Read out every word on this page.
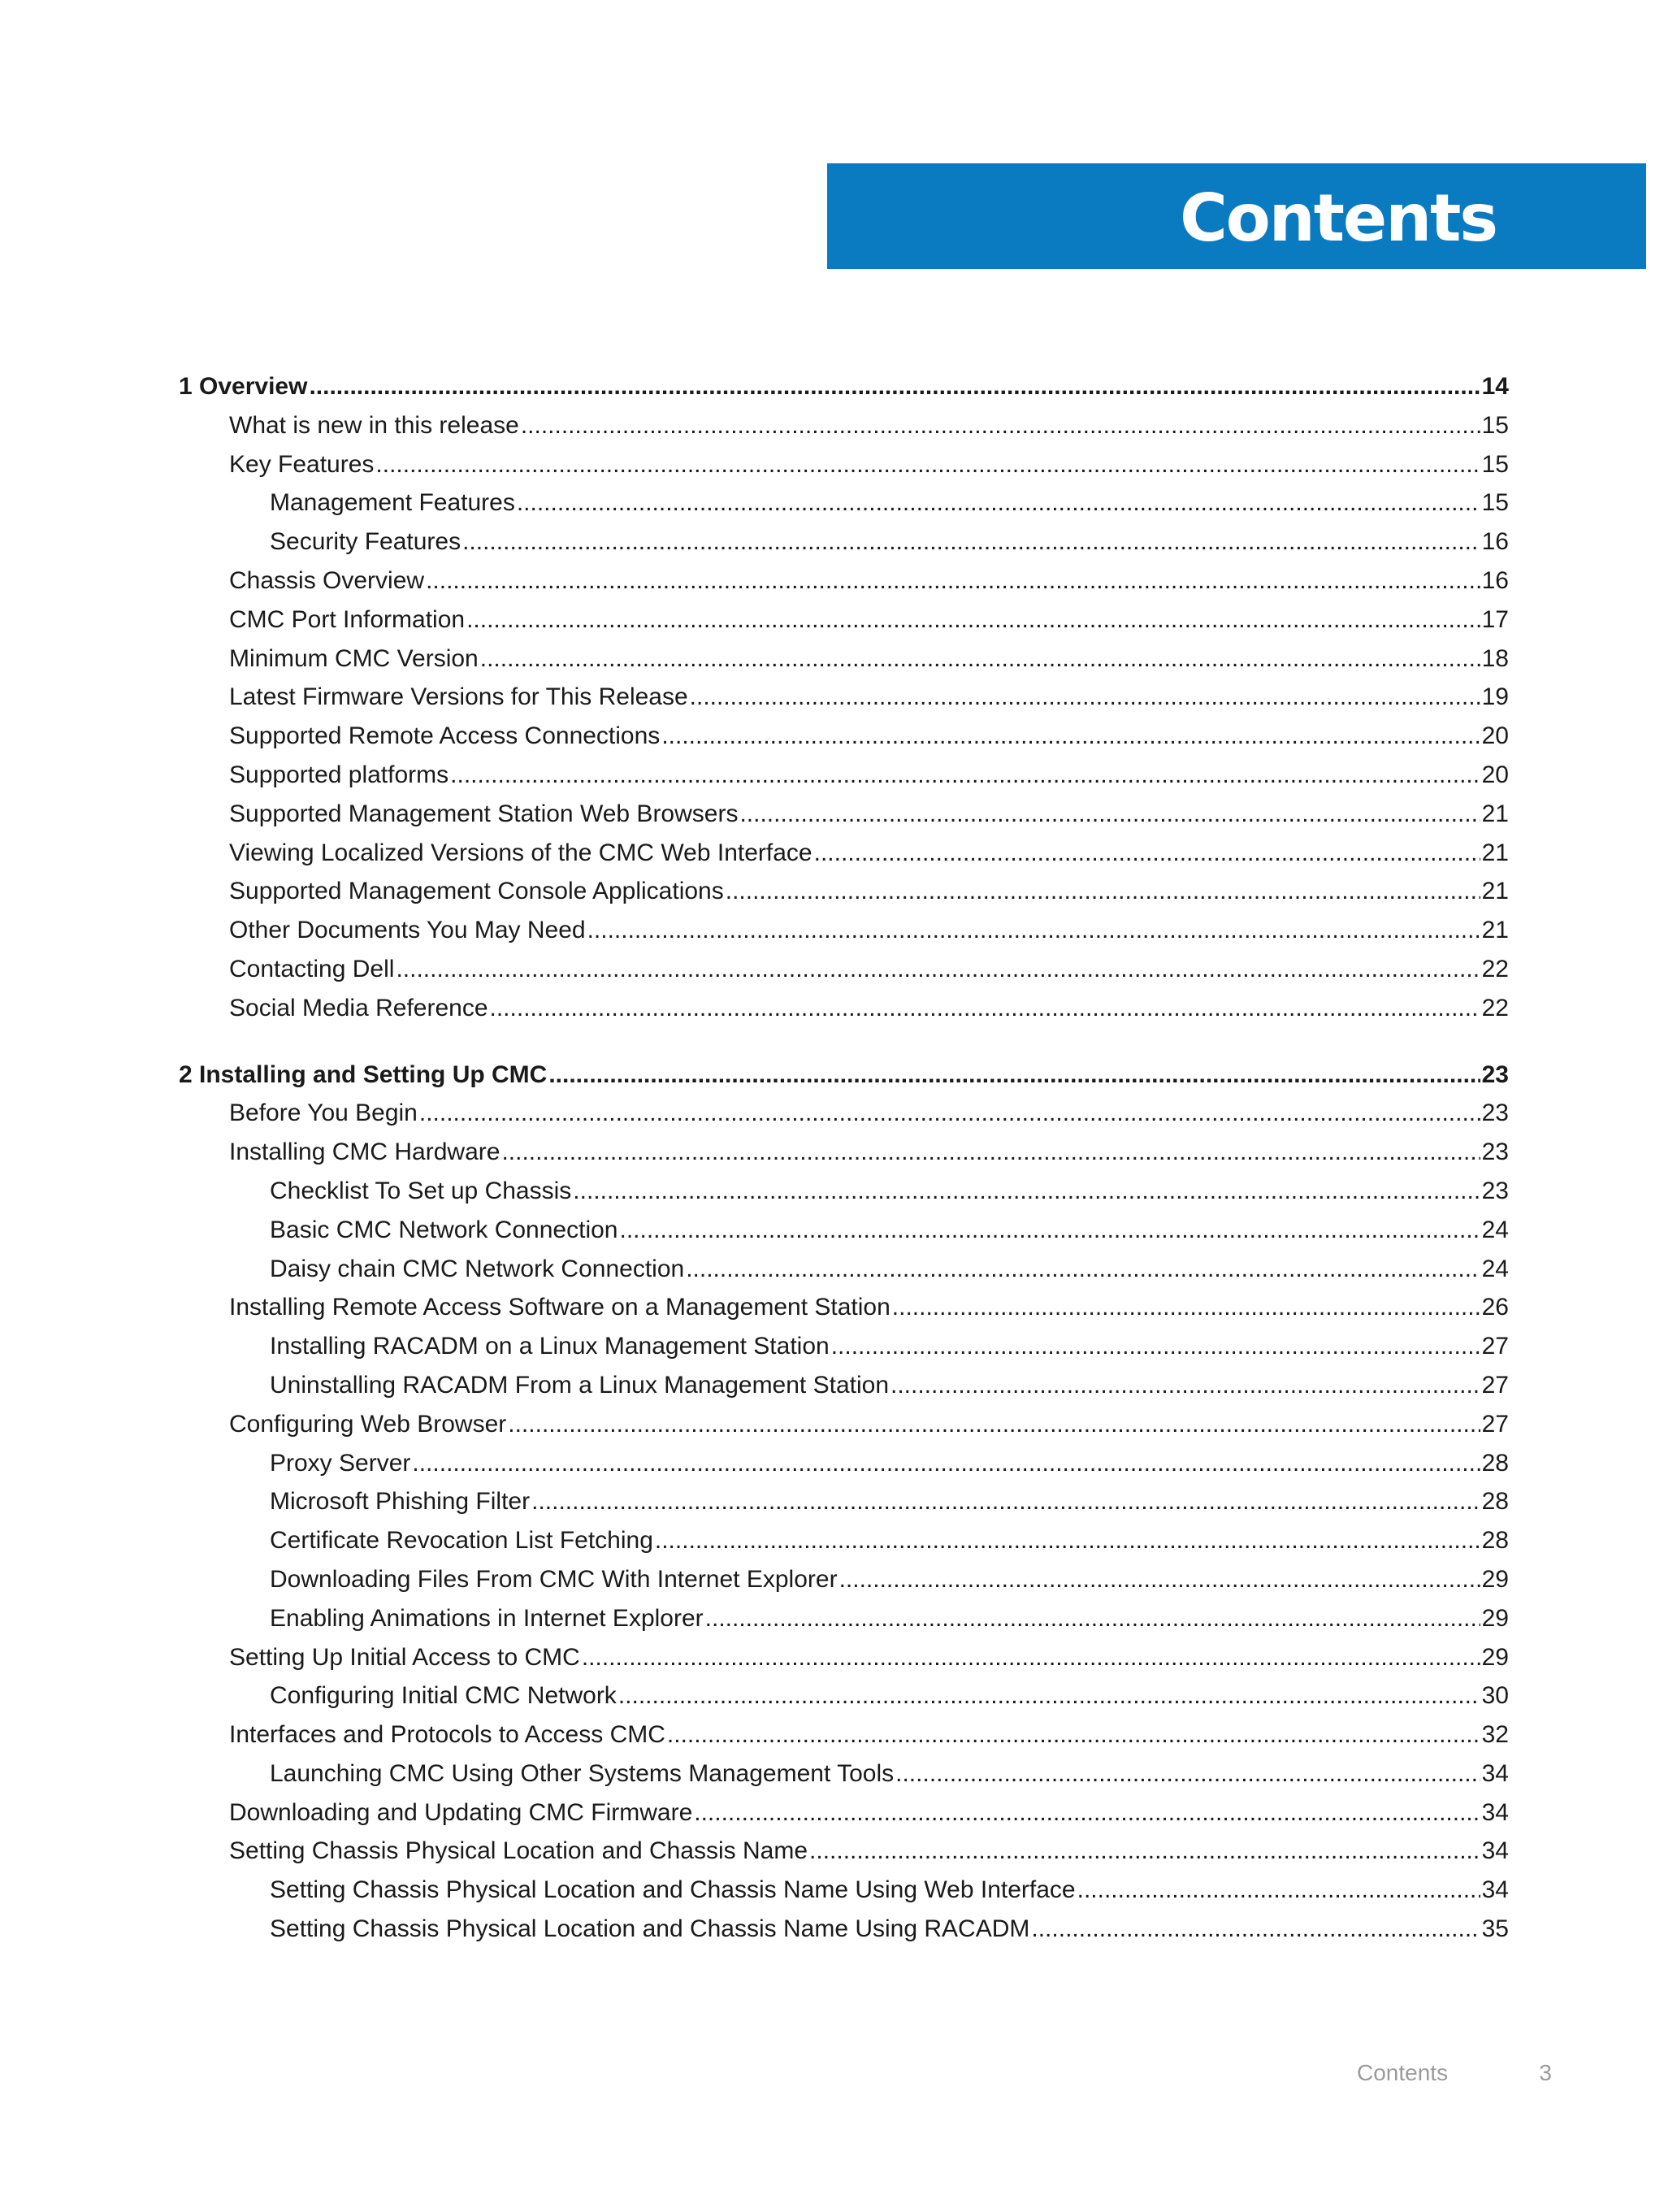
Contents
1 Overview .....	14
What is new in this release .....	15
Key Features .....	15
Management Features .....	15
Security Features .....	16
Chassis Overview .....	16
CMC Port Information .....	17
Minimum CMC Version .....	18
Latest Firmware Versions for This Release .....	19
Supported Remote Access Connections .....	20
Supported platforms .....	20
Supported Management Station Web Browsers .....	21
Viewing Localized Versions of the CMC Web Interface .....	21
Supported Management Console Applications .....	21
Other Documents You May Need .....	21
Contacting Dell .....	22
Social Media Reference .....	22
2 Installing and Setting Up CMC .....	23
Before You Begin .....	23
Installing CMC Hardware .....	23
Checklist To Set up Chassis .....	23
Basic CMC Network Connection .....	24
Daisy chain CMC Network Connection .....	24
Installing Remote Access Software on a Management Station .....	26
Installing RACADM on a Linux Management Station .....	27
Uninstalling RACADM From a Linux Management Station .....	27
Configuring Web Browser .....	27
Proxy Server .....	28
Microsoft Phishing Filter .....	28
Certificate Revocation List Fetching .....	28
Downloading Files From CMC With Internet Explorer .....	29
Enabling Animations in Internet Explorer .....	29
Setting Up Initial Access to CMC .....	29
Configuring Initial CMC Network .....	30
Interfaces and Protocols to Access CMC .....	32
Launching CMC Using Other Systems Management Tools .....	34
Downloading and Updating CMC Firmware .....	34
Setting Chassis Physical Location and Chassis Name .....	34
Setting Chassis Physical Location and Chassis Name Using Web Interface .....	34
Setting Chassis Physical Location and Chassis Name Using RACADM .....	35
Contents	3
